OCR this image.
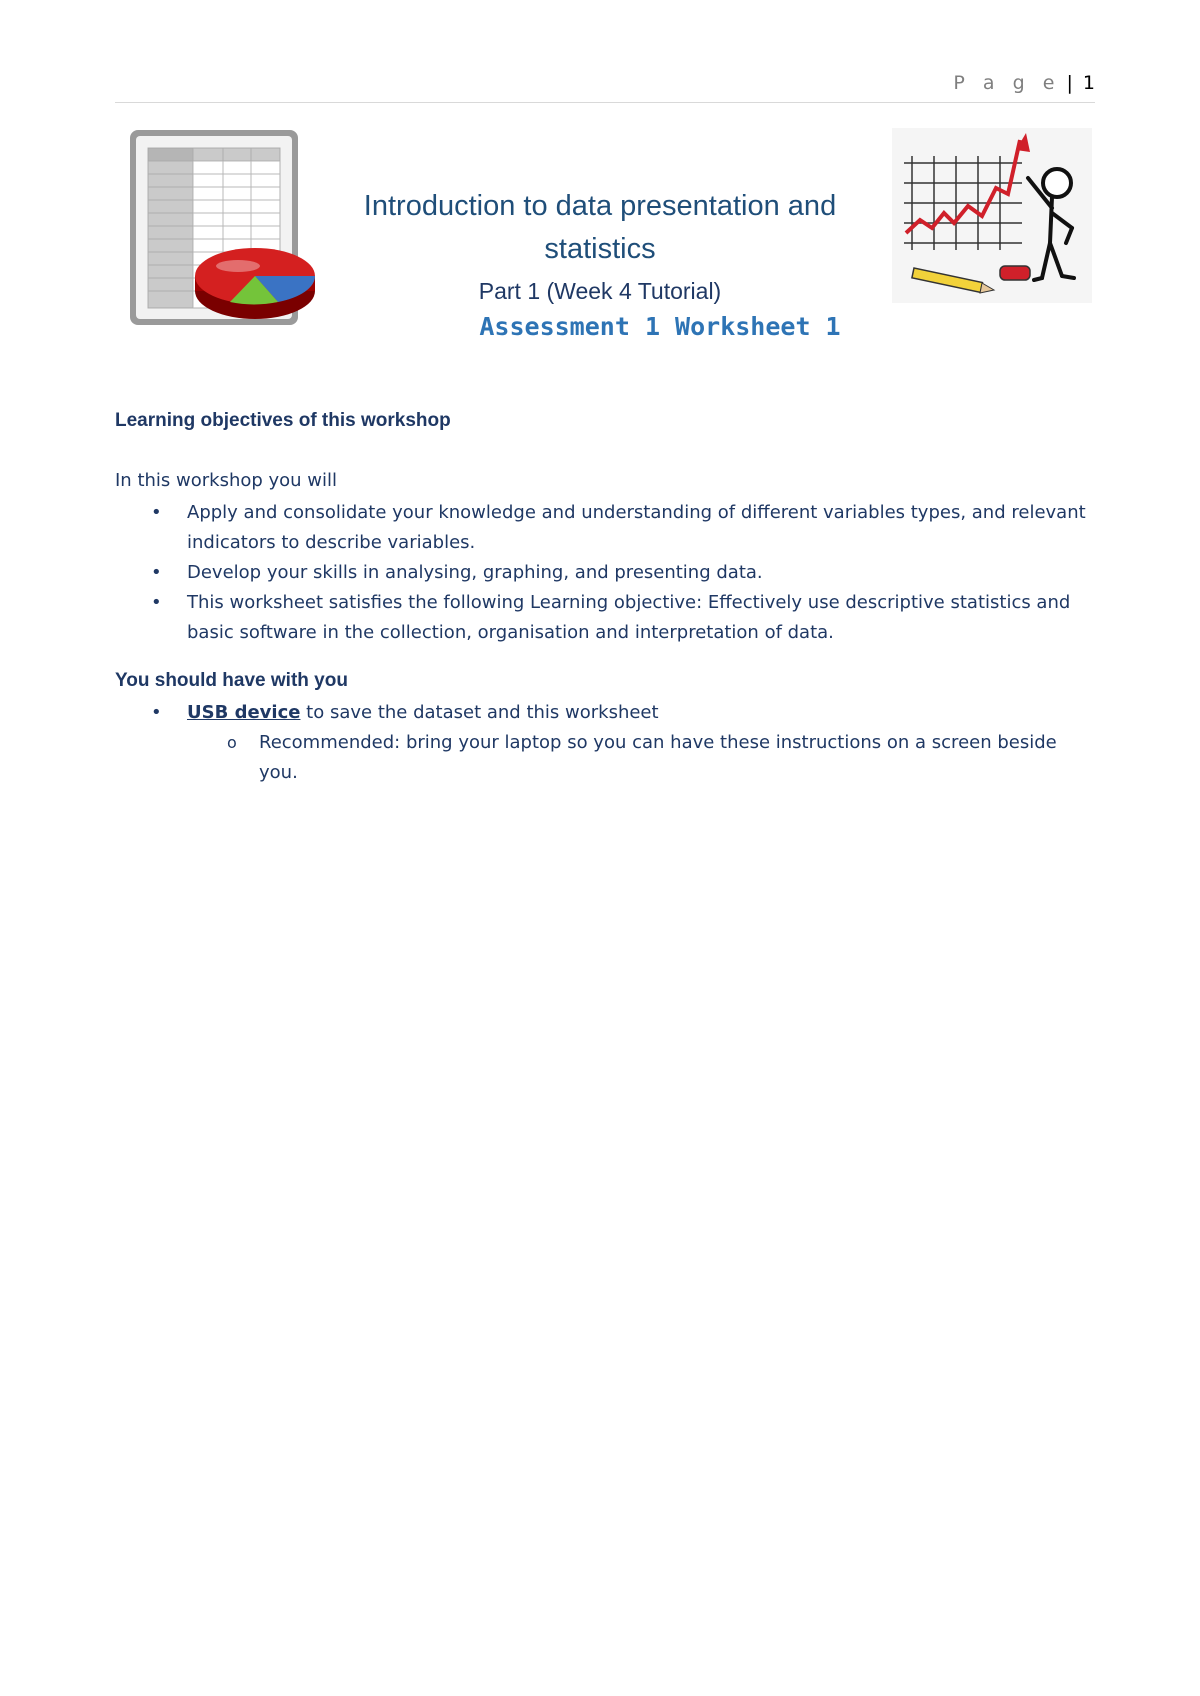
P a g e | 1
Introduction to data presentation and
statistics
Part 1 (Week 4 Tutorial)
Assessment 1 Worksheet 1
Learning objectives of this workshop
In this workshop you will
• Apply and consolidate your knowledge and understanding of different variables types, and relevant indicators to describe variables.
• Develop your skills in analysing, graphing, and presenting data.
• This worksheet satisfies the following Learning objective: Effectively use descriptive statistics and basic software in the collection, organisation and interpretation of data.
You should have with you
• USB device to save the dataset and this worksheet
o Recommended: bring your laptop so you can have these instructions on a screen beside you.
